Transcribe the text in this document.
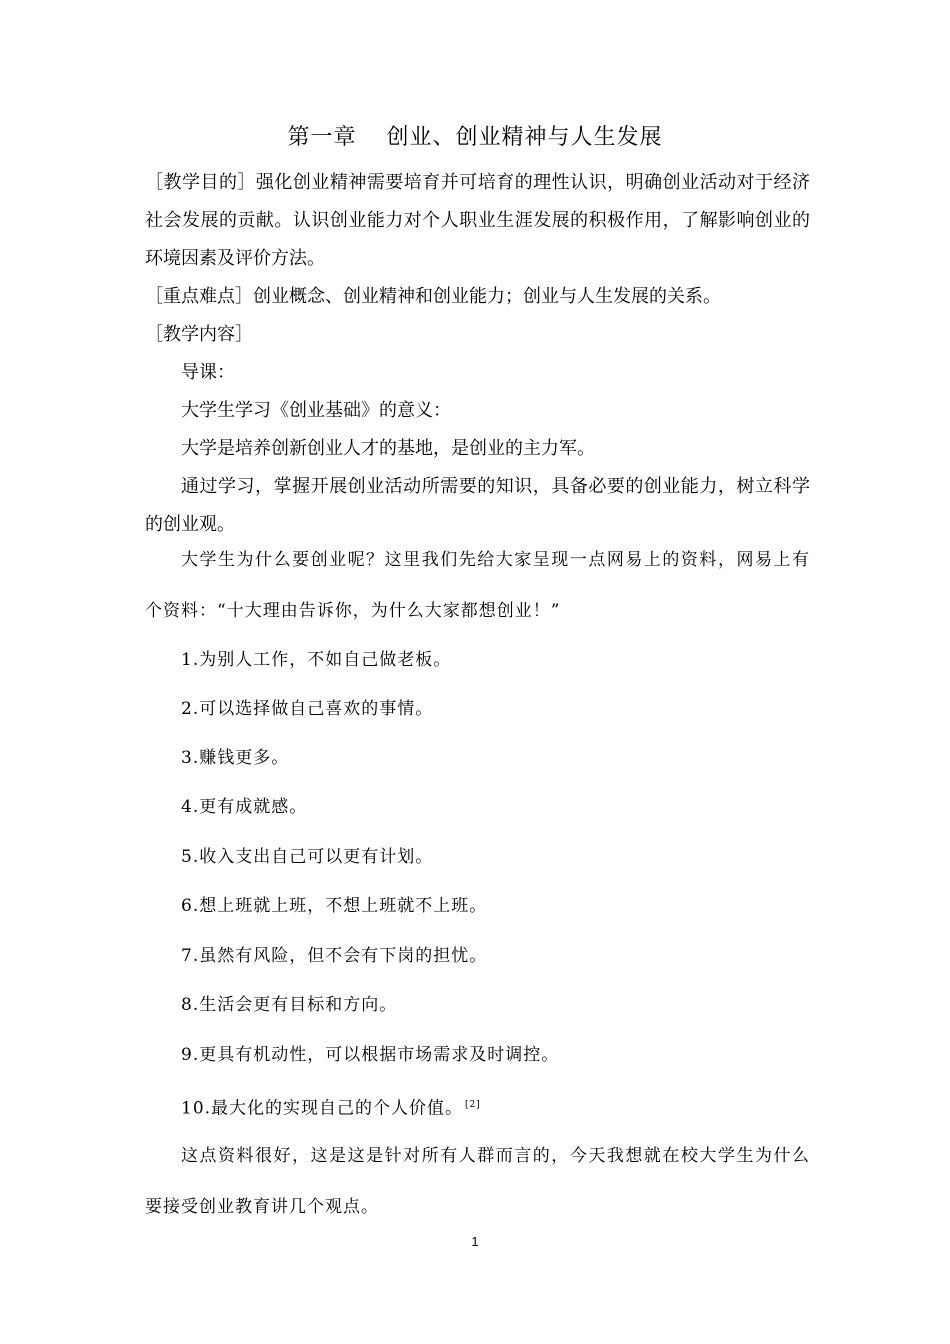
第一章 创业、创业精神与人生发展
［教学目的］强化创业精神需要培育并可培育的理性认识，明确创业活动对于经济社会发展的贡献。认识创业能力对个人职业生涯发展的积极作用，了解影响创业的环境因素及评价方法。
［重点难点］创业概念、创业精神和创业能力；创业与人生发展的关系。
［教学内容］
导课：
大学生学习《创业基础》的意义：
大学是培养创新创业人才的基地，是创业的主力军。
通过学习，掌握开展创业活动所需要的知识，具备必要的创业能力，树立科学的创业观。
大学生为什么要创业呢？这里我们先给大家呈现一点网易上的资料，网易上有个资料：“十大理由告诉你，为什么大家都想创业！”
1.为别人工作，不如自己做老板。
2.可以选择做自己喜欢的事情。
3.赚钱更多。
4.更有成就感。
5.收入支出自己可以更有计划。
6.想上班就上班，不想上班就不上班。
7.虽然有风险，但不会有下岗的担忧。
8.生活会更有目标和方向。
9.更具有机动性，可以根据市场需求及时调控。
10.最大化的实现自己的个人价值。 [2]
这点资料很好，这是这是针对所有人群而言的，今天我想就在校大学生为什么要接受创业教育讲几个观点。
1
